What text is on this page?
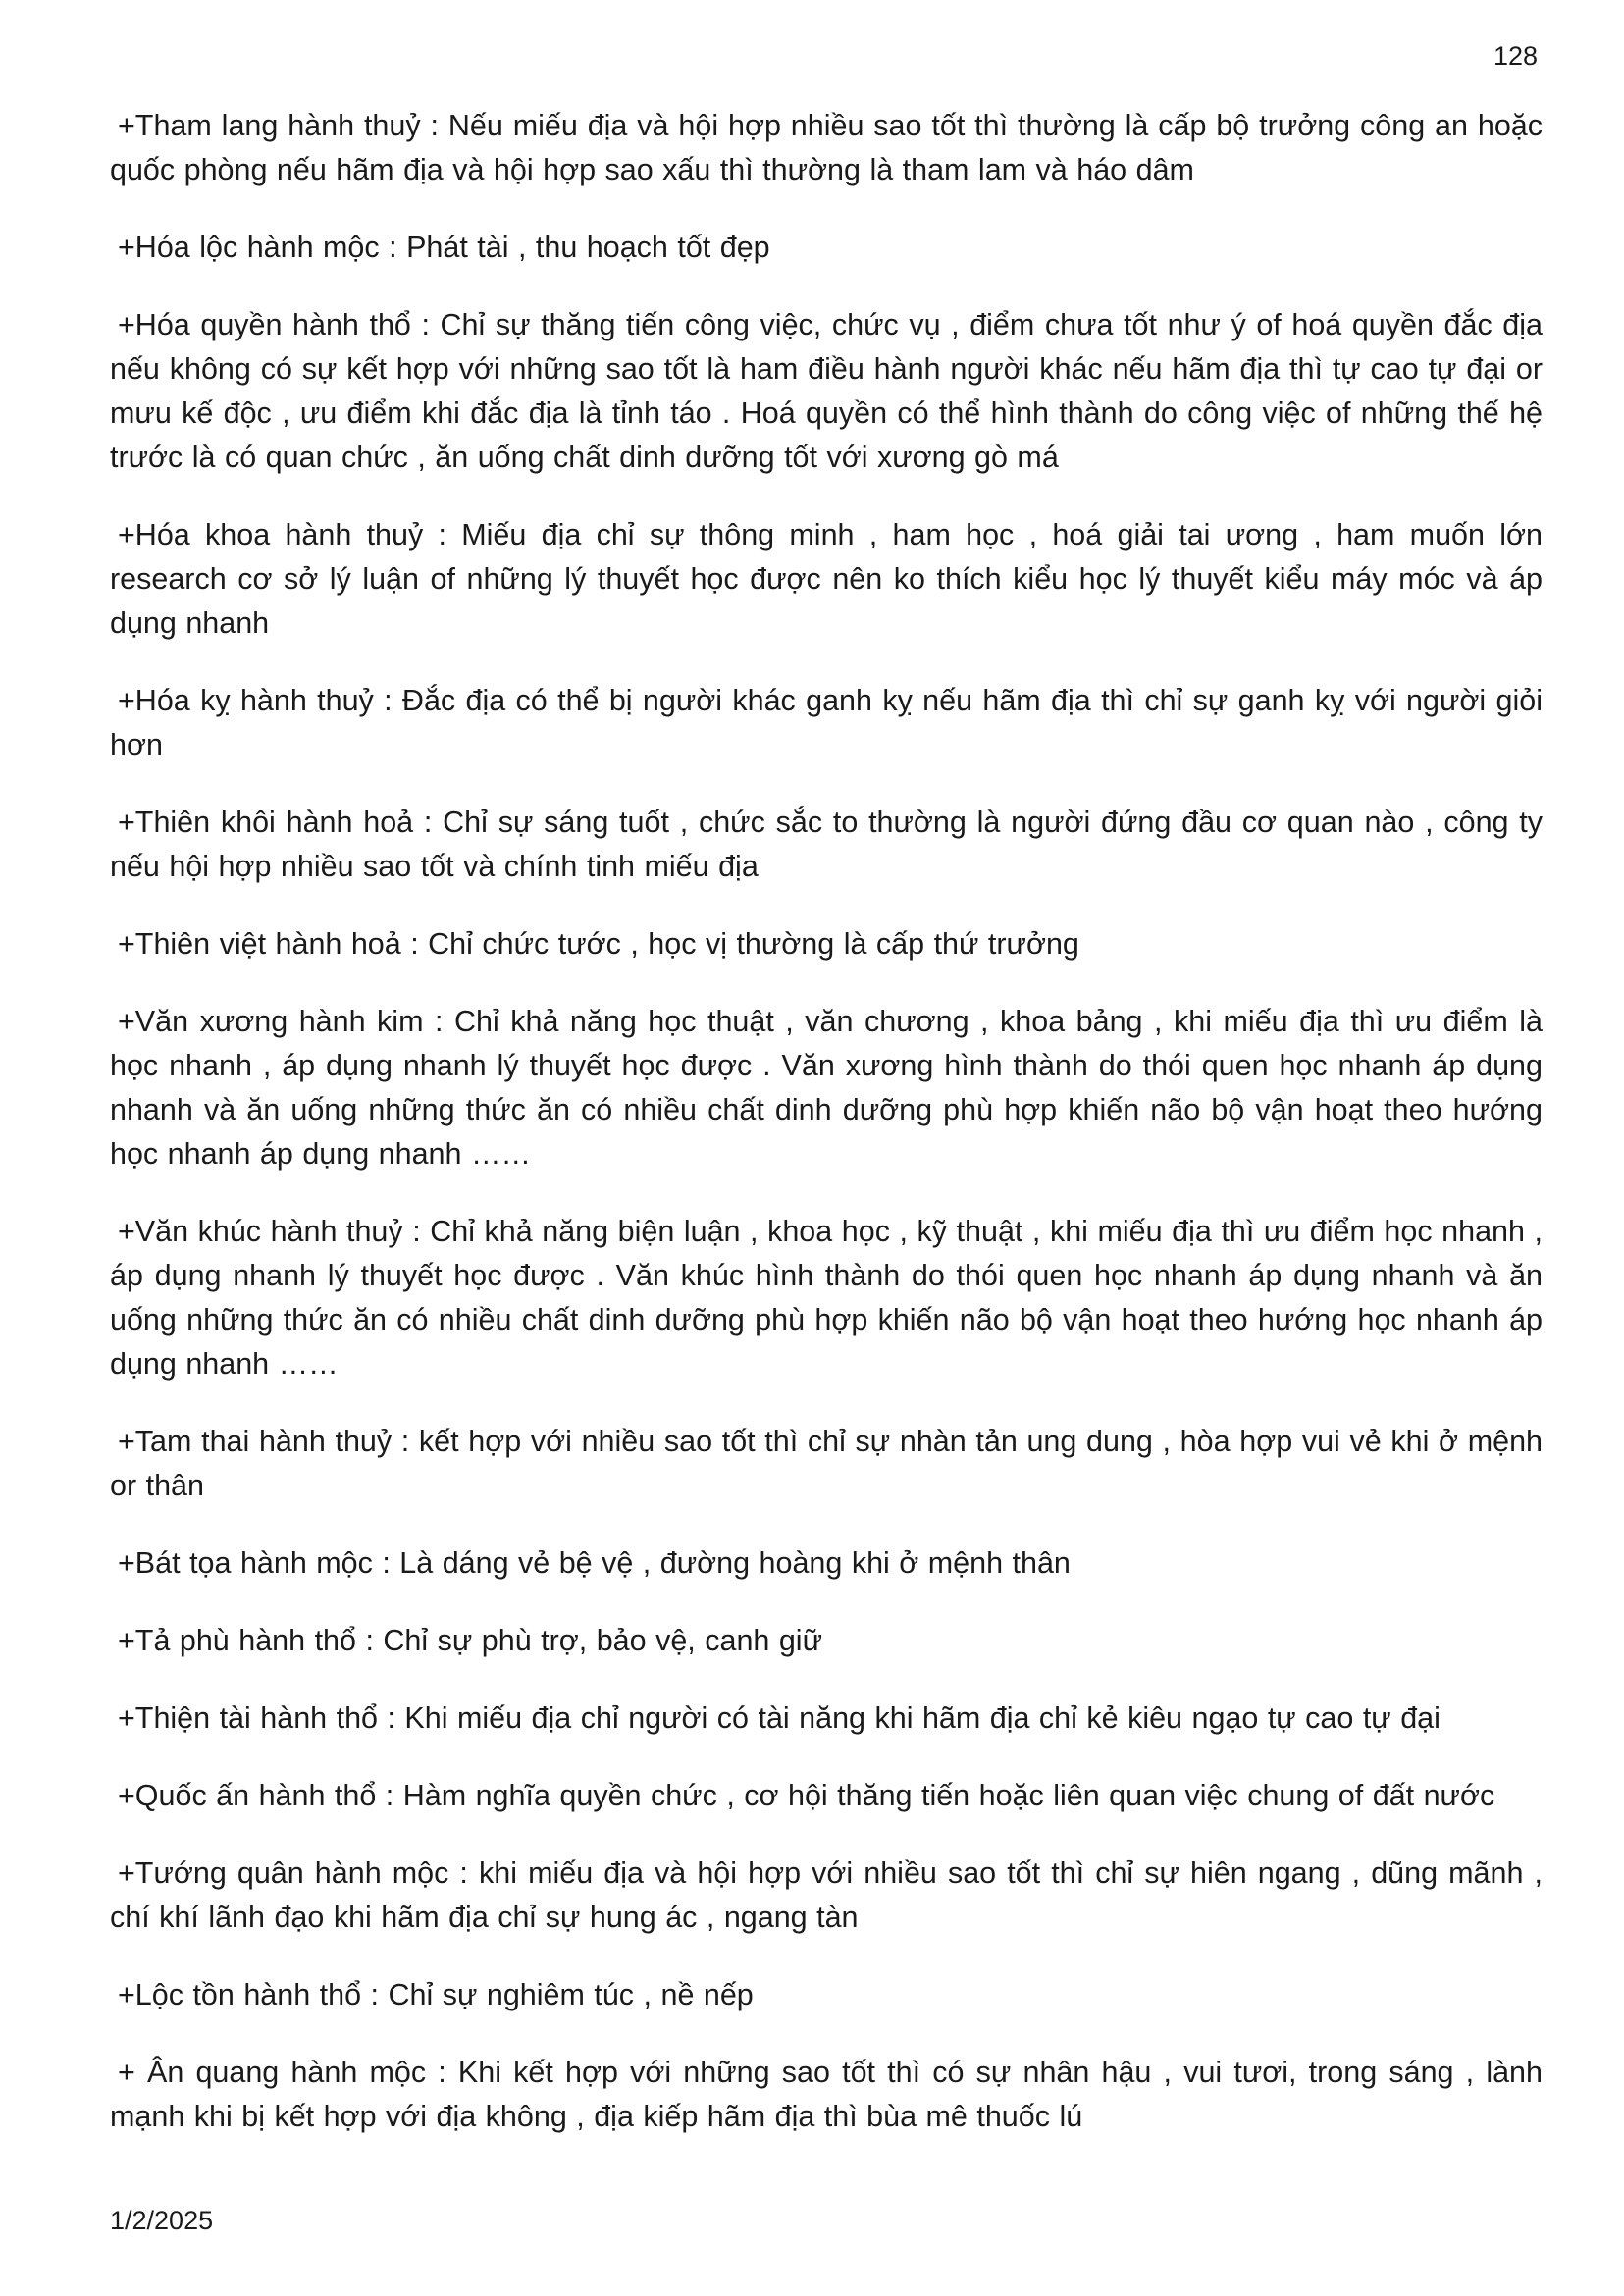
128

+Tham lang hành thuỷ : Nếu miếu địa và hội hợp nhiều sao tốt thì thường là cấp bộ trưởng công an hoặc quốc phòng nếu hãm địa và hội hợp sao xấu thì thường là tham lam và háo dâm

+Hóa lộc hành mộc : Phát tài , thu hoạch tốt đẹp

+Hóa quyền hành thổ : Chỉ sự thăng tiến công việc, chức vụ , điểm chưa tốt như ý of hoá quyền đắc địa nếu không có sự kết hợp với những sao tốt là ham điều hành người khác nếu hãm địa thì tự cao tự đại or mưu kế độc , ưu điểm khi đắc địa là tỉnh táo . Hoá quyền có thể hình thành do công việc of những thế hệ trước là có quan chức , ăn uống chất dinh dưỡng tốt với xương gò má

+Hóa khoa hành thuỷ : Miếu địa chỉ sự thông minh , ham học , hoá giải tai ương , ham muốn lớn research cơ sở lý luận of những lý thuyết học được nên ko thích kiểu học lý thuyết kiểu máy móc và áp dụng nhanh

+Hóa kỵ hành thuỷ : Đắc địa có thể bị người khác ganh kỵ nếu hãm địa thì chỉ sự ganh kỵ với người giỏi hơn

+Thiên khôi hành hoả : Chỉ sự sáng tuốt , chức sắc to thường là người đứng đầu cơ quan nào , công ty nếu hội hợp nhiều sao tốt và chính tinh miếu địa

+Thiên việt hành hoả : Chỉ chức tước , học vị thường là cấp thứ trưởng

+Văn xương hành kim : Chỉ khả năng học thuật , văn chương , khoa bảng , khi miếu địa thì ưu điểm là học nhanh , áp dụng nhanh lý thuyết học được . Văn xương hình thành do thói quen học nhanh áp dụng nhanh và ăn uống những thức ăn có nhiều chất dinh dưỡng phù hợp khiến não bộ vận hoạt theo hướng học nhanh áp dụng nhanh ……

+Văn khúc hành thuỷ : Chỉ khả năng biện luận , khoa học , kỹ thuật , khi miếu địa thì ưu điểm học nhanh , áp dụng nhanh lý thuyết học được . Văn khúc hình thành do thói quen học nhanh áp dụng nhanh và ăn uống những thức ăn có nhiều chất dinh dưỡng phù hợp khiến não bộ vận hoạt theo hướng học nhanh áp dụng nhanh ……

+Tam thai hành thuỷ : kết hợp với nhiều sao tốt thì chỉ sự nhàn tản ung dung , hòa hợp vui vẻ khi ở mệnh or thân

+Bát tọa hành mộc : Là dáng vẻ bệ vệ , đường hoàng khi ở mệnh thân

+Tả phù hành thổ : Chỉ sự phù trợ, bảo vệ, canh giữ

+Thiện tài hành thổ : Khi miếu địa chỉ người có tài năng khi hãm địa chỉ kẻ kiêu ngạo tự cao tự đại

+Quốc ấn hành thổ : Hàm nghĩa quyền chức , cơ hội thăng tiến hoặc liên quan việc chung of đất nước

+Tướng quân hành mộc : khi miếu địa và hội hợp với nhiều sao tốt thì chỉ sự hiên ngang , dũng mãnh , chí khí lãnh đạo khi hãm địa chỉ sự hung ác , ngang tàn

+Lộc tồn hành thổ : Chỉ sự nghiêm túc , nề nếp

+ Ân quang hành mộc : Khi kết hợp với những sao tốt thì có sự nhân hậu , vui tươi, trong sáng , lành mạnh khi bị kết hợp với địa không , địa kiếp hãm địa thì bùa mê thuốc lú

1/2/2025
